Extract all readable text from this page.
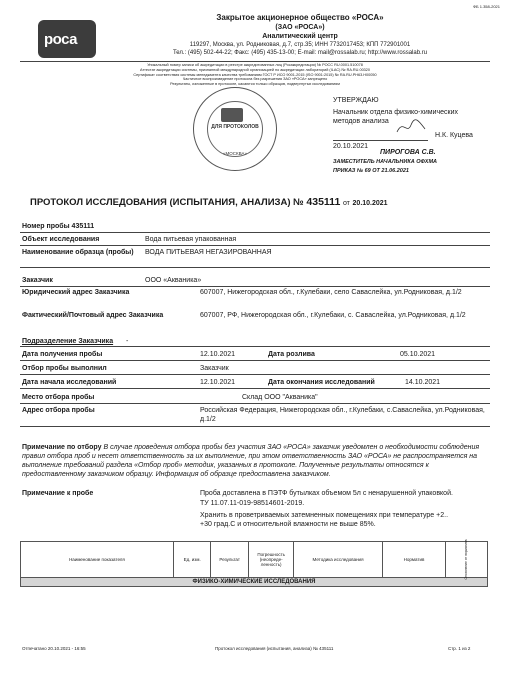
ФБ 1.358-2021
роса
Закрытое акционерное общество «РОСА»
(ЗАО «РОСА»)
Аналитический центр
119297, Москва, ул. Родниковая, д.7, стр.35; ИНН 7732017453; КПП 772901001
Тел.: (495) 502-44-22; Факс: (495) 435-13-00; E-mail: mail@rossalab.ru; http://www.rossalab.ru
Уникальный номер записи об аккредитации в реестре аккредитованных лиц (Росаккредитация) № РОСС RU.0001.510078
Аттестат аккредитации системы, признанной международной организацией по аккредитации лабораторий (ILAC) № RA.RU.00320
Сертификат соответствия системы менеджмента качества требованиям ГОСТ Р ИСО 9001-2015 (ISO 9001:2015) № RA.RU.PH63.H00050
Частичное воспроизведение протокола без разрешения ЗАО «РОСА» запрещено
Результаты, изложенные в протоколе, касаются только образцов, подвергнутых исследованиям
ДЛЯ ПРОТОКОЛОВ
«МОСКВА»
УТВЕРЖДАЮ
Начальник отдела физико-химических
методов анализа
Н.К. Куцева
20.10.2021
ПИРОГОВА С.В.
ЗАМЕСТИТЕЛЬ НАЧАЛЬНИКА ОФХМА
ПРИКАЗ № 69 ОТ 21.06.2021
ПРОТОКОЛ ИССЛЕДОВАНИЯ (ИСПЫТАНИЯ, АНАЛИЗА) № 435111 от 20.10.2021
Номер пробы 435111
Объект исследования	Вода питьевая упакованная
Наименование образца (пробы)	ВОДА ПИТЬЕВАЯ НЕГАЗИРОВАННАЯ
Заказчик	ООО «Акваника»
Юридический адрес Заказчика	607007, Нижегородская обл., г.Кулебаки, село Саваслейка, ул.Родниковая, д.1/2
Фактический/Почтовый адрес Заказчика	607007, РФ, Нижегородская обл., г.Кулебаки, с. Саваслейка, ул.Родниковая, д.1/2
Подразделение Заказчика -
Дата получения пробы	12.10.2021	Дата розлива	05.10.2021
Отбор пробы выполнил	Заказчик
Дата начала исследований	12.10.2021	Дата окончания исследований	14.10.2021
Место отбора пробы	Склад ООО "Акваника"
Адрес отбора пробы	Российская Федерация, Нижегородская обл., г.Кулебаки, с.Саваслейка, ул.Родниковая, д.1/2
Примечание по отбору В случае проведения отбора пробы без участия ЗАО «РОСА» заказчик уведомлен о необходимости соблюдения правил отбора проб и несет ответственность за их выполнение, при этом ответственность ЗАО «РОСА» не распространяется на выполнение требований раздела «Отбор проб» методик, указанных в протоколе. Полученные результаты относятся к предоставленному заказчиком образцу. Информация об образце предоставлена заказчиком.
Примечание к пробе	Проба доставлена в ПЭТФ бутылках объемом 5л с ненарушенной упаковкой.
ТУ 11.07.11-019-98514601-2019.
Хранить в проветриваемых затемненных помещениях при температуре +2..
+30 град.С и относительной влажности не выше 85%.
Наименование показателя	Ед. изм.	Результат	Погрешность (неопреде-ленность)	Методика исследования	Норматив	Отклонение от норматива

ФИЗИКО-ХИМИЧЕСКИЕ ИССЛЕДОВАНИЯ
Отпечатано 20.10.2021 - 16:55	Протокол исследования (испытания, анализа) № 435111	Стр. 1 из 2
